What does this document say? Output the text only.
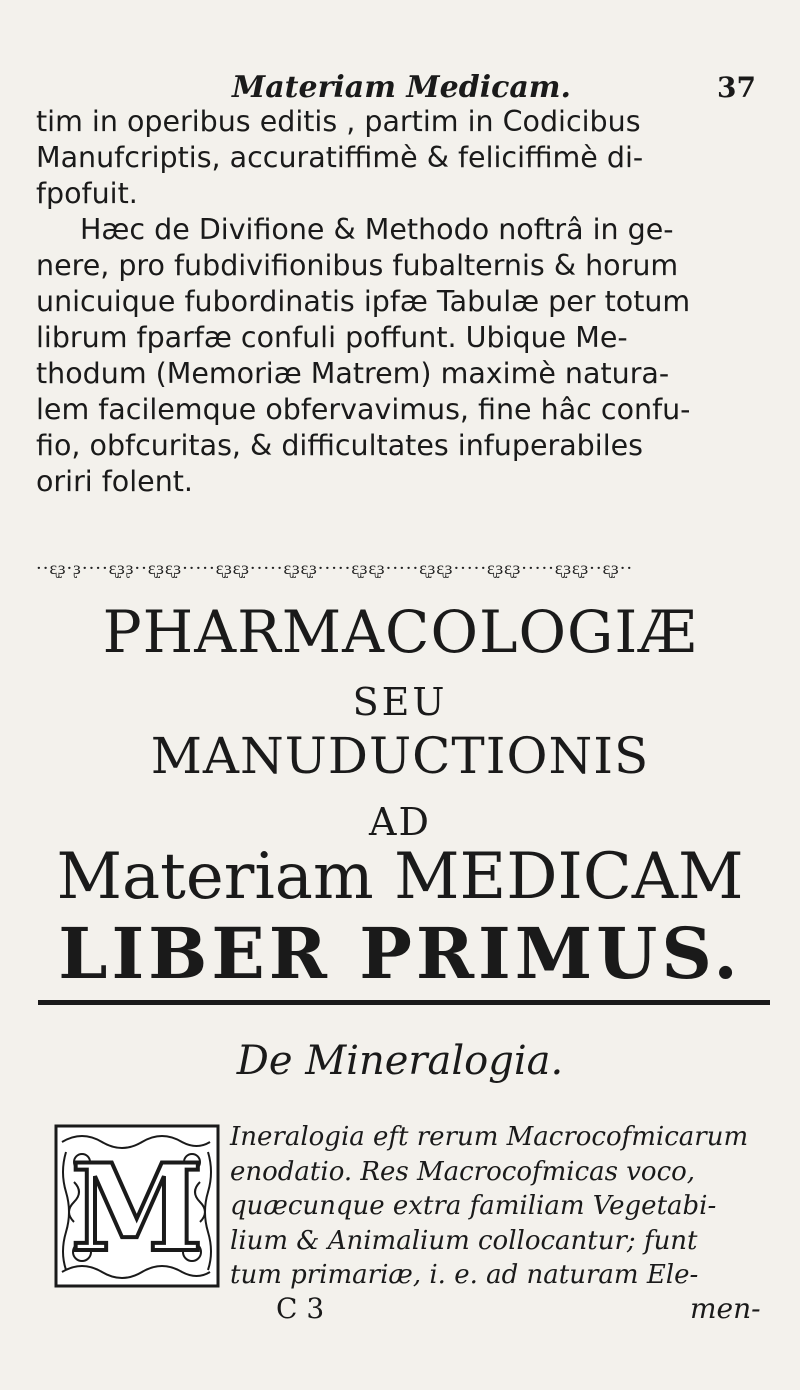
Materiam Medicam.	37
tim in operibus editis , partim in Codicibus
Manufcriptis, accuratiffimè & feliciffimè di-
fpofuit.
Hæc de Divifione & Methodo noftrâ in ge-
nere, pro fubdivifionibus fubalternis & horum
unicuique fubordinatis ipfæ Tabulæ per totum
librum fparfæ confuli poffunt. Ubique Me-
thodum (Memoriæ Matrem) maximè natura-
lem facilemque obfervavimus, fine hâc confu-
fio, obfcuritas, & difficultates infuperabiles
oriri folent.
··ᶓᶔ·ᶔ····ᶓᶔᶔ··ᶓᶔᶓᶔ·····ᶓᶔᶓᶔ·····ᶓᶔᶓᶔ·····ᶓᶔᶓᶔ·····ᶓᶔᶓᶔ·····ᶓᶔᶓᶔ·····ᶓᶔᶓᶔ··ᶓᶔ··
PHARMACOLOGIÆ
SEU
MANUDUCTIONIS
AD
Materiam MEDICAM
LIBER PRIMUS.
De Mineralogia.
M
Ineralogia eft rerum Macrocofmicarum
enodatio. Res Macrocofmicas voco,
quæcunque extra familiam Vegetabi-
lium & Animalium collocantur; funt
tum primariæ, i. e. ad naturam Ele-
C 3	men-
